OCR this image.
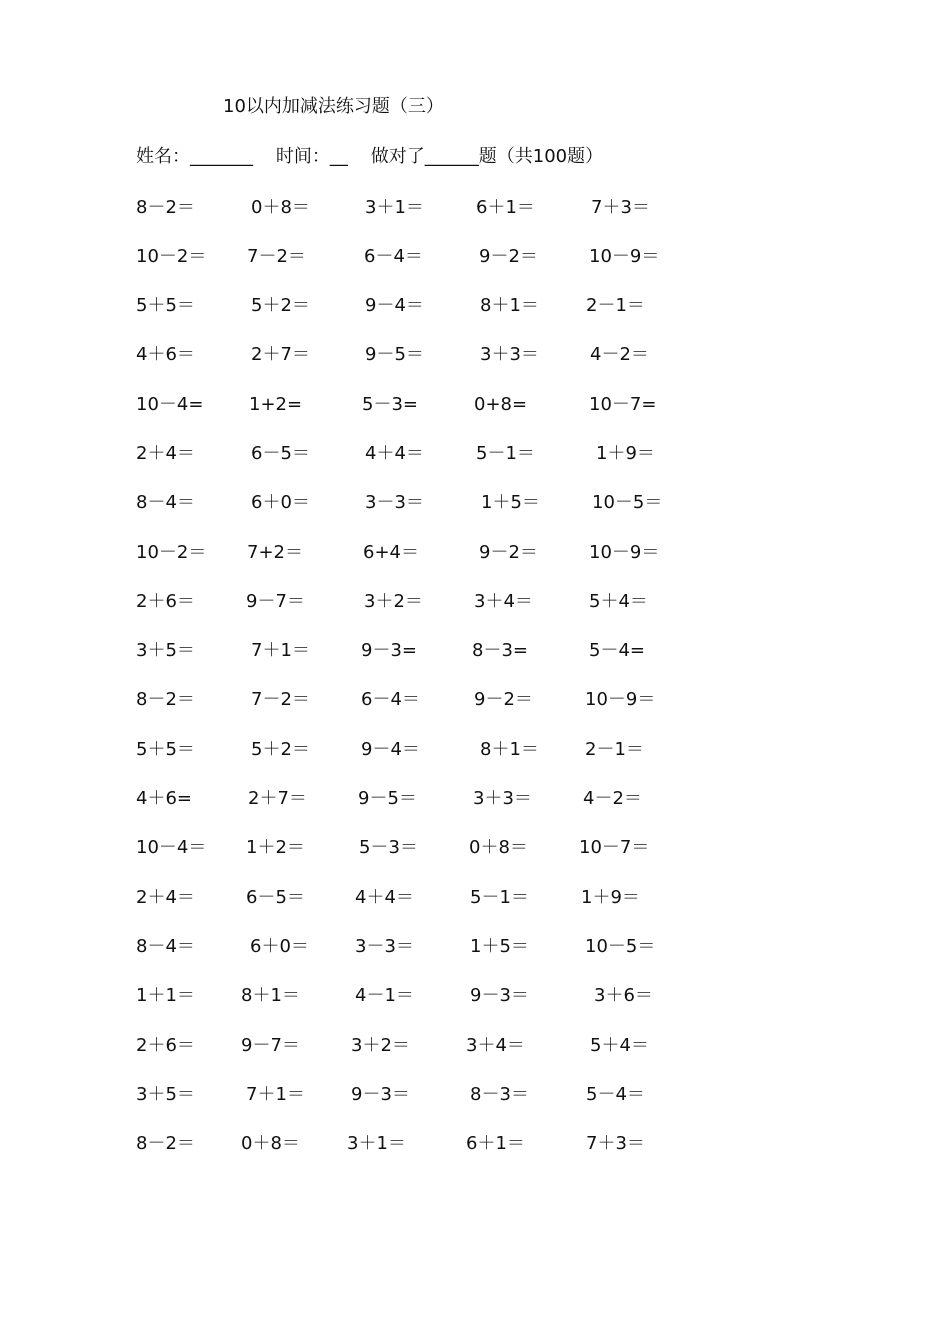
10以内加减法练习题（三）
姓名：_______ 时间：__ 做对了______题（共100题）
8－2＝	0＋8＝	3＋1＝	6＋1＝	7＋3＝
10－2＝ 7－2＝	6－4＝	9－2＝	10－9＝
5＋5＝	5＋2＝	9－4＝	8＋1＝	2－1＝
4＋6＝	2＋7＝	9－5＝	3＋3＝	4－2＝
10－4=	1+2=	5－3=	0+8=	10－7=
2＋4＝	6－5＝	4＋4＝	5－1＝	1＋9＝
8－4＝	6＋0＝	3－3＝	1＋5＝	10－5＝
10－2＝ 7+2＝	6+4＝	9－2＝	10－9＝
2＋6＝	9－7＝	3＋2＝	3＋4＝	5＋4＝
3＋5＝	7＋1＝	9－3=	8－3=	5－4=
8－2＝	7－2＝	6－4＝	9－2＝	10－9＝
5＋5＝	5＋2＝	9－4＝	8＋1＝	2－1＝
4＋6=	2＋7＝	9－5＝	3＋3＝	4－2＝
10－4＝ 1＋2＝	5－3＝	0＋8＝	10－7＝
2＋4＝	6－5＝	4＋4＝	5－1＝	1＋9＝
8－4＝	6＋0＝	3－3＝	1＋5＝	10－5＝
1＋1＝	8＋1＝	4－1＝	9－3＝	3＋6＝
2＋6＝	9－7＝	3＋2＝	3＋4＝	5＋4＝
3＋5＝	7＋1＝	9－3＝	8－3＝	5－4＝
8－2＝	0＋8＝	3＋1＝	6＋1＝	7＋3＝
